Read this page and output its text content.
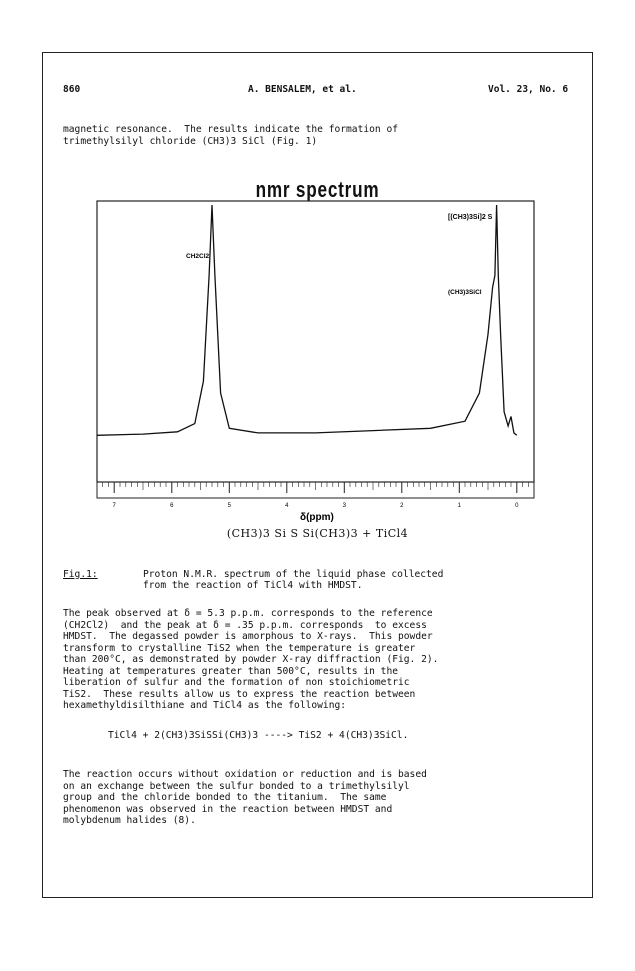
860	A. BENSALEM, et al.	Vol. 23, No. 6
magnetic resonance.  The results indicate the formation of
trimethylsilyl chloride (CH3)3 SiCl (Fig. 1)
nmr spectrum
7	6	5	4	3	2	1	0
CH2Cl2
[(CH3)3Si]2 S
(CH3)3SiCl
δ(ppm)
(CH3)3 Si S Si(CH3)3 + TiCl4
Fig.1:	Proton N.M.R. spectrum of the liquid phase collected
from the reaction of TiCl4 with HMDST.
The peak observed at δ = 5.3 p.p.m. corresponds to the reference
(CH2Cl2)  and the peak at δ = .35 p.p.m. corresponds  to excess
HMDST.  The degassed powder is amorphous to X-rays.  This powder
transform to crystalline TiS2 when the temperature is greater
than 200°C, as demonstrated by powder X-ray diffraction (Fig. 2).
Heating at temperatures greater than 500°C, results in the
liberation of sulfur and the formation of non stoichiometric
TiS2.  These results allow us to express the reaction between
hexamethyldisilthiane and TiCl4 as the following:
TiCl4 + 2(CH3)3SiSSi(CH3)3 ----> TiS2 + 4(CH3)3SiCl.
The reaction occurs without oxidation or reduction and is based
on an exchange between the sulfur bonded to a trimethylsilyl
group and the chloride bonded to the titanium.  The same
phenomenon was observed in the reaction between HMDST and
molybdenum halides (8).
